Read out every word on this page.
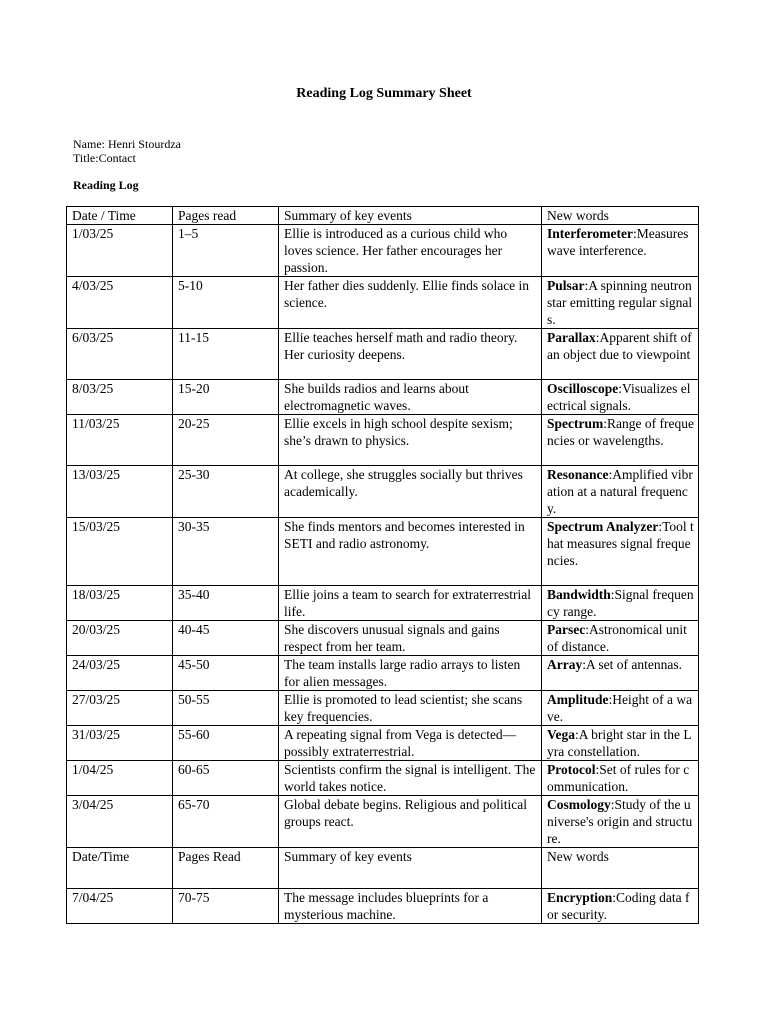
Reading Log Summary Sheet
Name: Henri Stourdza
Title:Contact
Reading Log
Date / Time	Pages read	Summary of key events	New words
1/03/25	1–5	Ellie is introduced as a curious child who loves science. Her father encourages her passion.	Interferometer:Measures wave interference.
4/03/25	5-10	Her father dies suddenly. Ellie finds solace in science.	Pulsar:A spinning neutron star emitting regular signals.
6/03/25	11-15	Ellie teaches herself math and radio theory. Her curiosity deepens.	Parallax:Apparent shift of an object due to viewpoint
8/03/25	15-20	She builds radios and learns about electromagnetic waves.	Oscilloscope:Visualizes electrical signals.
11/03/25	20-25	Ellie excels in high school despite sexism; she’s drawn to physics.	Spectrum:Range of frequencies or wavelengths.
13/03/25	25-30	At college, she struggles socially but thrives academically.	Resonance:Amplified vibration at a natural frequency.
15/03/25	30-35	She finds mentors and becomes interested in SETI and radio astronomy.	Spectrum Analyzer:Tool that measures signal frequencies.
18/03/25	35-40	Ellie joins a team to search for extraterrestrial life.	Bandwidth:Signal frequency range.
20/03/25	40-45	She discovers unusual signals and gains respect from her team.	Parsec:Astronomical unit of distance.
24/03/25	45-50	The team installs large radio arrays to listen for alien messages.	Array:A set of antennas.
27/03/25	50-55	Ellie is promoted to lead scientist; she scans key frequencies.	Amplitude:Height of a wave.
31/03/25	55-60	A repeating signal from Vega is detected—possibly extraterrestrial.	Vega:A bright star in the Lyra constellation.
1/04/25	60-65	Scientists confirm the signal is intelligent. The world takes notice.	Protocol:Set of rules for communication.
3/04/25	65-70	Global debate begins. Religious and political groups react.	Cosmology:Study of the universe's origin and structure.
Date/Time	Pages Read	Summary of key events	New words
7/04/25	70-75	The message includes blueprints for a mysterious machine.	Encryption:Coding data for security.
